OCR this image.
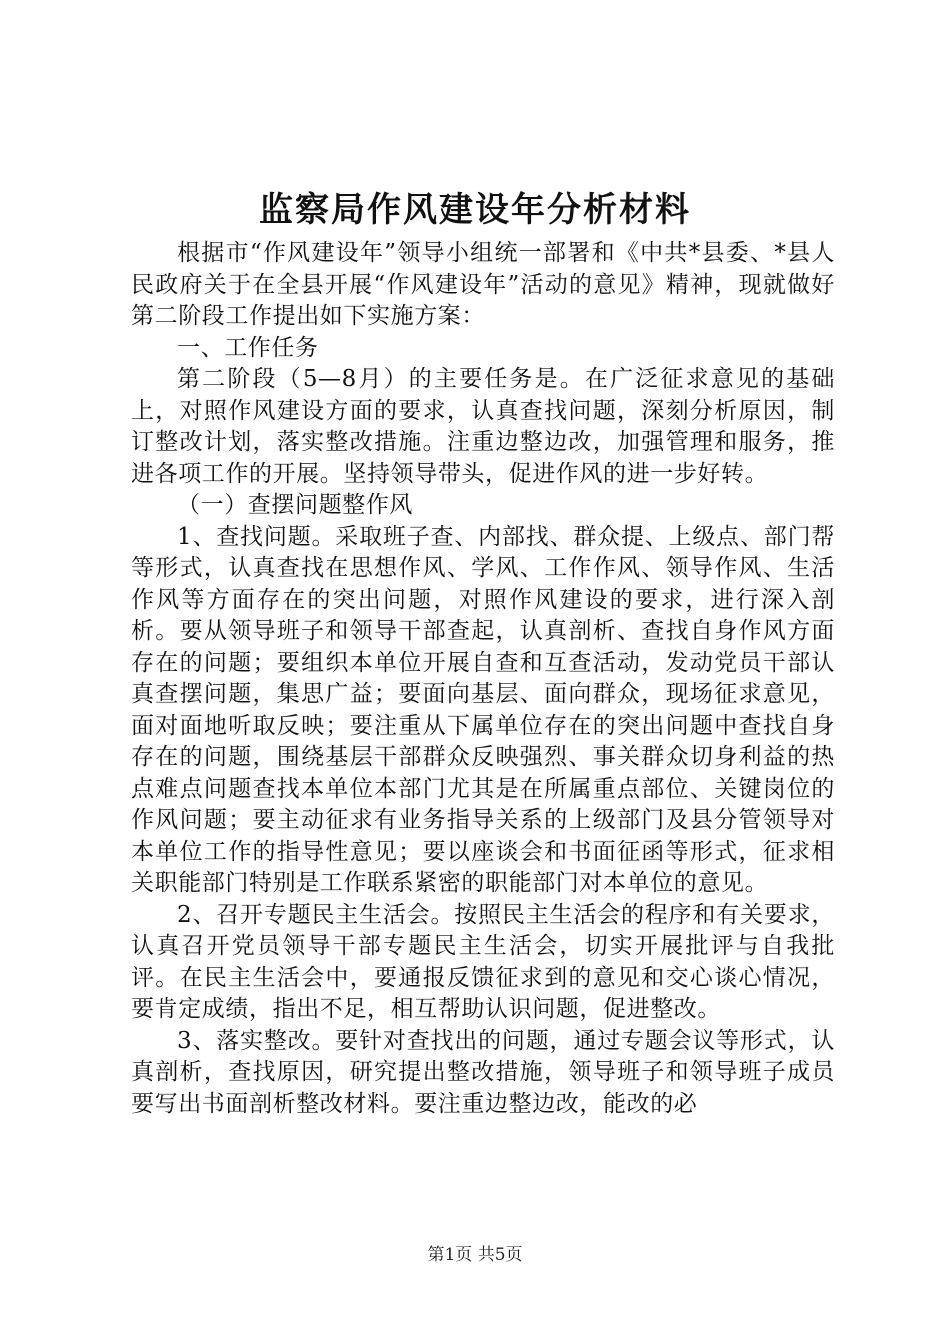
监察局作风建设年分析材料

根据市“作风建设年”领导小组统一部署和《中共*县委、*县人民政府关于在全县开展“作风建设年”活动的意见》精神，现就做好第二阶段工作提出如下实施方案：

一、工作任务

第二阶段（5—8月）的主要任务是。在广泛征求意见的基础上，对照作风建设方面的要求，认真查找问题，深刻分析原因，制订整改计划，落实整改措施。注重边整边改，加强管理和服务，推进各项工作的开展。坚持领导带头，促进作风的进一步好转。

（一）查摆问题整作风

1、查找问题。采取班子查、内部找、群众提、上级点、部门帮等形式，认真查找在思想作风、学风、工作作风、领导作风、生活作风等方面存在的突出问题，对照作风建设的要求，进行深入剖析。要从领导班子和领导干部查起，认真剖析、查找自身作风方面存在的问题；要组织本单位开展自查和互查活动，发动党员干部认真查摆问题，集思广益；要面向基层、面向群众，现场征求意见，面对面地听取反映；要注重从下属单位存在的突出问题中查找自身存在的问题，围绕基层干部群众反映强烈、事关群众切身利益的热点难点问题查找本单位本部门尤其是在所属重点部位、关键岗位的作风问题；要主动征求有业务指导关系的上级部门及县分管领导对本单位工作的指导性意见；要以座谈会和书面征函等形式，征求相关职能部门特别是工作联系紧密的职能部门对本单位的意见。

2、召开专题民主生活会。按照民主生活会的程序和有关要求，认真召开党员领导干部专题民主生活会，切实开展批评与自我批评。在民主生活会中，要通报反馈征求到的意见和交心谈心情况，要肯定成绩，指出不足，相互帮助认识问题，促进整改。

3、落实整改。要针对查找出的问题，通过专题会议等形式，认真剖析，查找原因，研究提出整改措施，领导班子和领导班子成员要写出书面剖析整改材料。要注重边整边改，能改的必

第1页 共5页
